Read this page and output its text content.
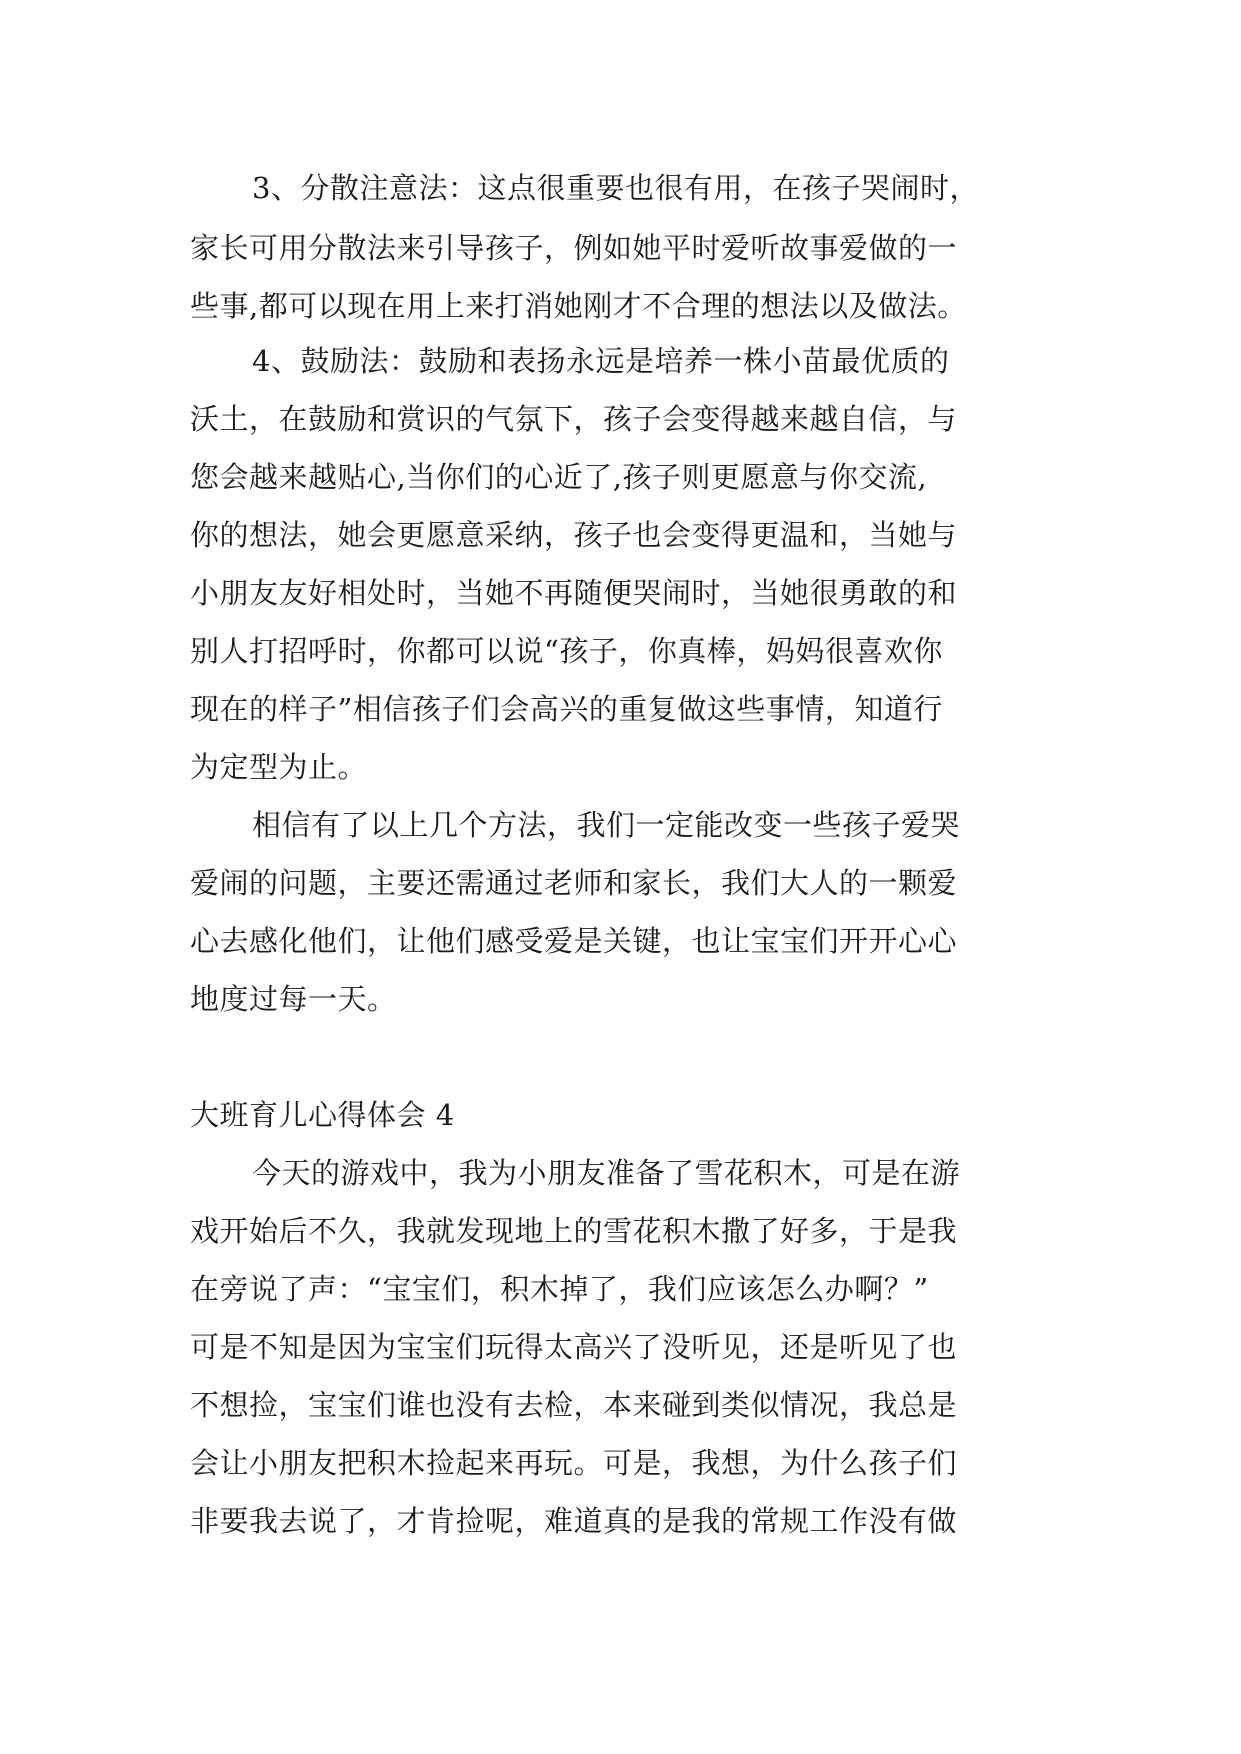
3、分散注意法：这点很重要也很有用，在孩子哭闹时，
家长可用分散法来引导孩子，例如她平时爱听故事爱做的一
些事,都可以现在用上来打消她刚才不合理的想法以及做法。
4、鼓励法：鼓励和表扬永远是培养一株小苗最优质的
沃土，在鼓励和赏识的气氛下，孩子会变得越来越自信，与
您会越来越贴心,当你们的心近了,孩子则更愿意与你交流,
你的想法，她会更愿意采纳，孩子也会变得更温和，当她与
小朋友友好相处时，当她不再随便哭闹时，当她很勇敢的和
别人打招呼时，你都可以说“孩子，你真棒，妈妈很喜欢你
现在的样子”相信孩子们会高兴的重复做这些事情，知道行
为定型为止。
相信有了以上几个方法，我们一定能改变一些孩子爱哭
爱闹的问题，主要还需通过老师和家长，我们大人的一颗爱
心去感化他们，让他们感受爱是关键，也让宝宝们开开心心
地度过每一天。
大班育儿心得体会 4
今天的游戏中，我为小朋友准备了雪花积木，可是在游
戏开始后不久，我就发现地上的雪花积木撒了好多，于是我
在旁说了声：“宝宝们，积木掉了，我们应该怎么办啊？”
可是不知是因为宝宝们玩得太高兴了没听见，还是听见了也
不想捡，宝宝们谁也没有去检，本来碰到类似情况，我总是
会让小朋友把积木捡起来再玩。可是，我想，为什么孩子们
非要我去说了，才肯捡呢，难道真的是我的常规工作没有做
